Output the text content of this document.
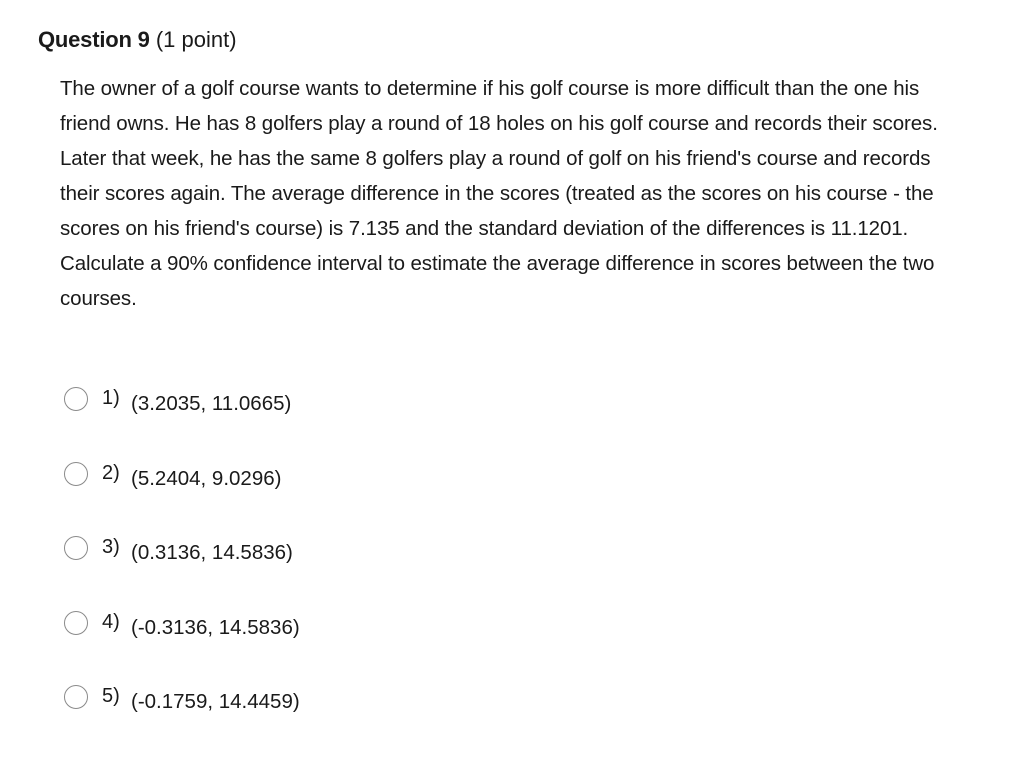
Question 9 (1 point)
The owner of a golf course wants to determine if his golf course is more difficult than the one his friend owns. He has 8 golfers play a round of 18 holes on his golf course and records their scores. Later that week, he has the same 8 golfers play a round of golf on his friend's course and records their scores again. The average difference in the scores (treated as the scores on his course - the scores on his friend's course) is 7.135 and the standard deviation of the differences is 11.1201. Calculate a 90% confidence interval to estimate the average difference in scores between the two courses.
1) (3.2035, 11.0665)
2) (5.2404, 9.0296)
3) (0.3136, 14.5836)
4) (-0.3136, 14.5836)
5) (-0.1759, 14.4459)
